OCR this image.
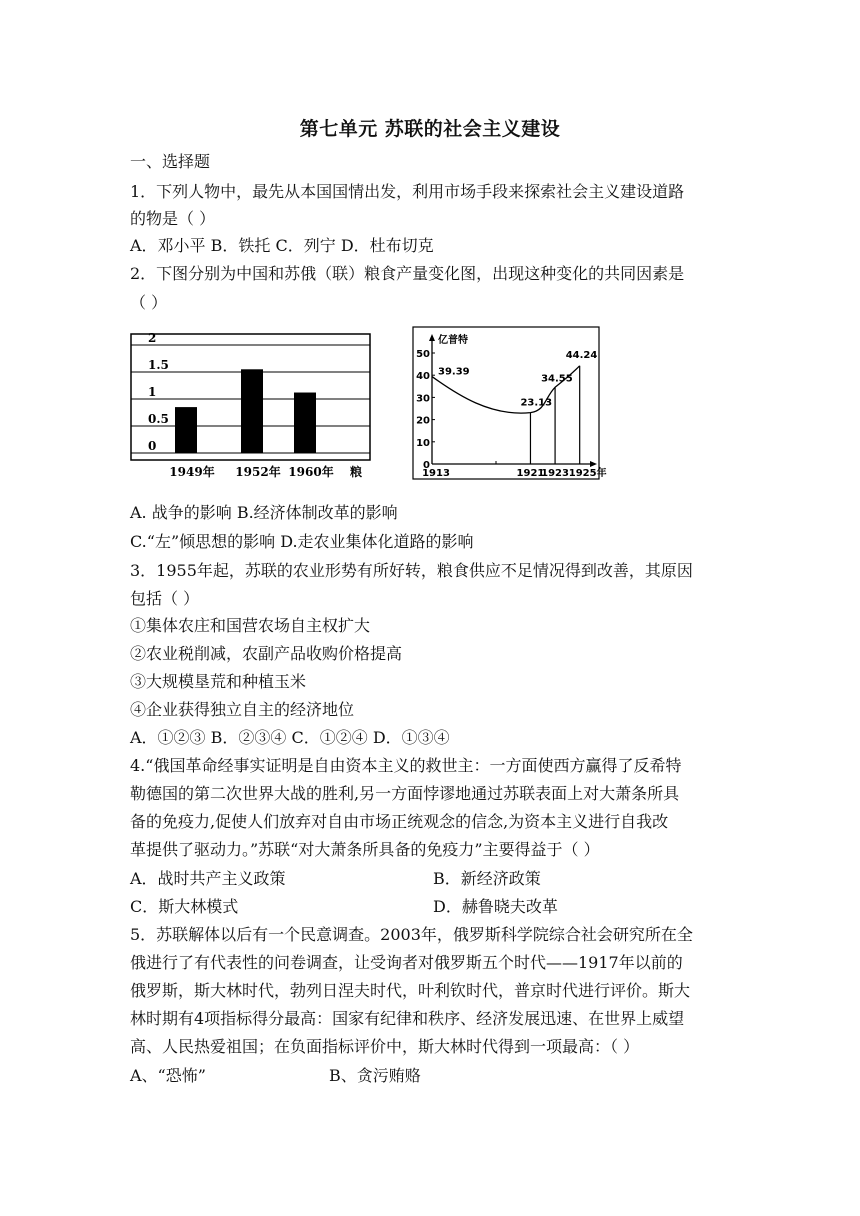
第七单元 苏联的社会主义建设
一、选择题
1．下列人物中，最先从本国国情出发，利用市场手段来探索社会主义建设道路
的物是（ ）
A．邓小平 B．铁托 C．列宁 D．杜布切克
2．下图分别为中国和苏俄（联）粮食产量变化图，出现这种变化的共同因素是
（ ）
2
1.5
1
0.5
0
1949年 1952年 1960年 粮
50
40
30
20
10
0
1913	1921
1923 1925年
39.39
23.13
34.55
44.24
亿普特
A. 战争的影响 B.经济体制改革的影响
C.“左”倾思想的影响 D.走农业集体化道路的影响
3．1955年起，苏联的农业形势有所好转，粮食供应不足情况得到改善，其原因
包括（ ）
①集体农庄和国营农场自主权扩大
②农业税削减，农副产品收购价格提高
③大规模垦荒和种植玉米
④企业获得独立自主的经济地位
A．①②③ B．②③④ C．①②④ D．①③④
4.“俄国革命经事实证明是自由资本主义的救世主：一方面使西方赢得了反希特
勒德国的第二次世界大战的胜利,另一方面悖谬地通过苏联表面上对大萧条所具
备的免疫力,促使人们放弃对自由市场正统观念的信念,为资本主义进行自我改
革提供了驱动力。”苏联“对大萧条所具备的免疫力”主要得益于（ ）
A．战时共产主义政策	B．新经济政策
C．斯大林模式	D．赫鲁晓夫改革
5．苏联解体以后有一个民意调查。2003年，俄罗斯科学院综合社会研究所在全
俄进行了有代表性的问卷调查，让受询者对俄罗斯五个时代——1917年以前的
俄罗斯，斯大林时代，勃列日涅夫时代，叶利钦时代，普京时代进行评价。斯大
林时期有4项指标得分最高：国家有纪律和秩序、经济发展迅速、在世界上威望
高、人民热爱祖国；在负面指标评价中，斯大林时代得到一项最高：（ ）
A、“恐怖”	B、贪污贿赂
